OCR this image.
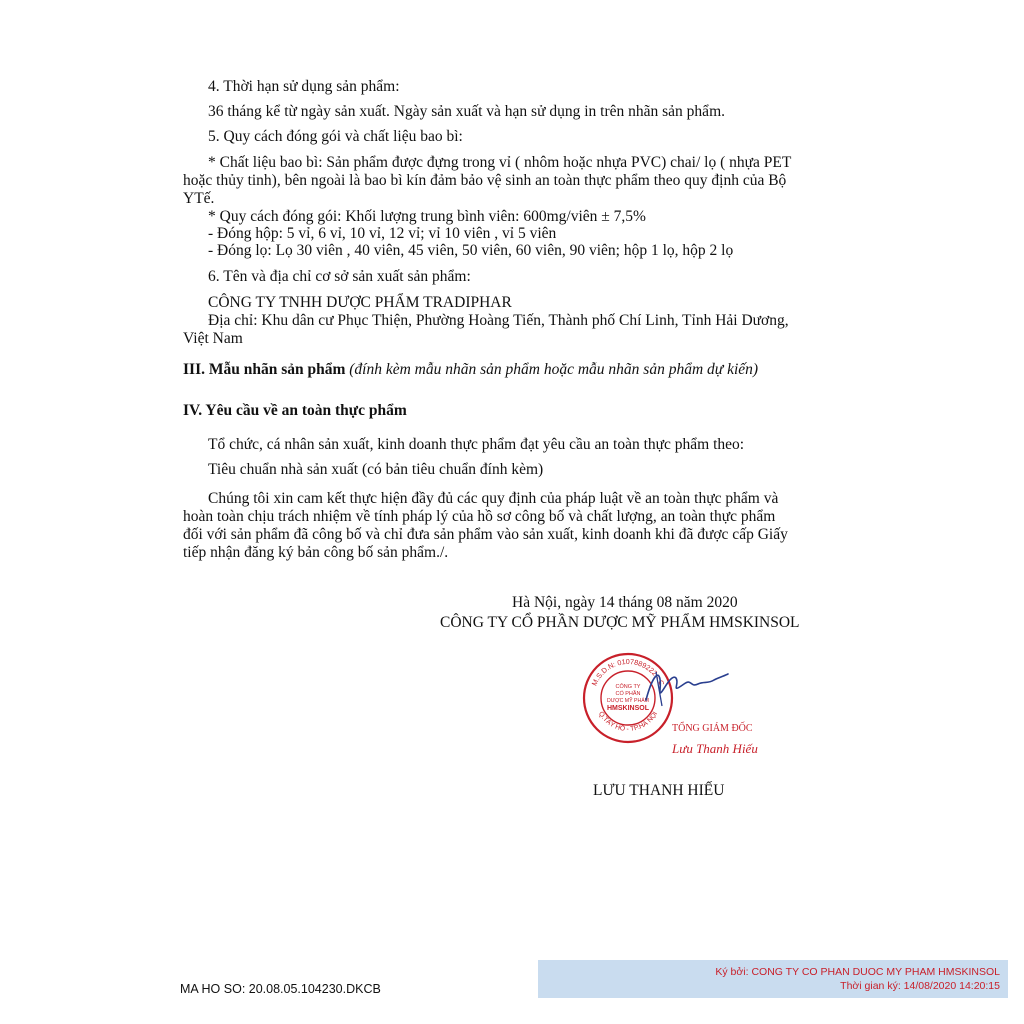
4. Thời hạn sử dụng sản phẩm:
36 tháng kể từ ngày sản xuất. Ngày sản xuất và hạn sử dụng in trên nhãn sản phẩm.
5. Quy cách đóng gói và chất liệu bao bì:
* Chất liệu bao bì: Sản phẩm được đựng trong vỉ ( nhôm hoặc nhựa PVC) chai/ lọ ( nhựa PET
hoặc thủy tinh), bên ngoài là bao bì kín đảm bảo vệ sinh an toàn thực phẩm theo quy định của Bộ
YTế.
* Quy cách đóng gói: Khối lượng trung bình viên: 600mg/viên ± 7,5%
- Đóng hộp: 5 vỉ, 6 vỉ, 10 vỉ, 12 vỉ; vỉ 10 viên , vỉ 5 viên
- Đóng lọ: Lọ 30 viên , 40 viên, 45 viên, 50 viên, 60 viên, 90 viên; hộp 1 lọ, hộp 2 lọ
6. Tên và địa chỉ cơ sở sản xuất sản phẩm:
CÔNG TY TNHH DƯỢC PHẨM TRADIPHAR
Địa chỉ: Khu dân cư Phục Thiện, Phường Hoàng Tiến, Thành phố Chí Linh, Tỉnh Hải Dương,
Việt Nam
III. Mẫu nhãn sản phẩm (đính kèm mẫu nhãn sản phẩm hoặc mẫu nhãn sản phẩm dự kiến)
IV. Yêu cầu về an toàn thực phẩm
Tổ chức, cá nhân sản xuất, kinh doanh thực phẩm đạt yêu cầu an toàn thực phẩm theo:
Tiêu chuẩn nhà sản xuất (có bản tiêu chuẩn đính kèm)
Chúng tôi xin cam kết thực hiện đầy đủ các quy định của pháp luật về an toàn thực phẩm và
hoàn toàn chịu trách nhiệm về tính pháp lý của hồ sơ công bố và chất lượng, an toàn thực phẩm
đối với sản phẩm đã công bố và chỉ đưa sản phẩm vào sản xuất, kinh doanh khi đã được cấp Giấy
tiếp nhận đăng ký bản công bố sản phẩm./.
Hà Nội, ngày 14 tháng 08 năm 2020
CÔNG TY CỔ PHẦN DƯỢC MỸ PHẨM HMSKINSOL
M.S.D.N: 0107889222 - C
Q.TÂY HỒ - TP.HÀ NỘI
CÔNG TY
CỔ PHẦN
DƯỢC MỸ PHẨM
HMSKINSOL
TỔNG GIÁM ĐỐC
Lưu Thanh Hiếu
LƯU THANH HIẾU
Ký bởi: CONG TY CO PHAN DUOC MY PHAM HMSKINSOL
Thời gian ký: 14/08/2020 14:20:15
MA HO SO: 20.08.05.104230.DKCB
